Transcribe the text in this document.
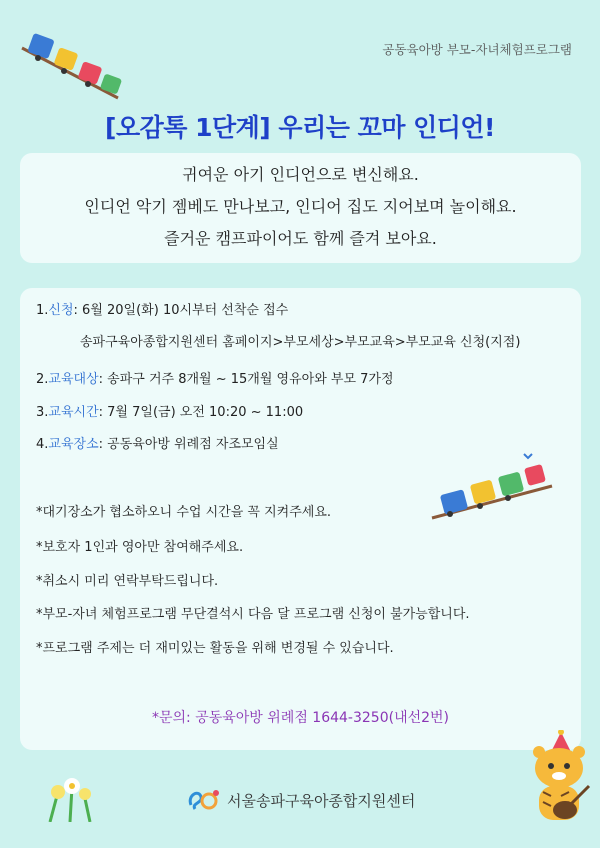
공동육아방 부모-자녀체험프로그램
[오감톡 1단계] 우리는 꼬마 인디언!

귀여운 아기 인디언으로 변신해요.

인디언 악기 젬베도 만나보고, 인디어 집도 지어보며 놀이해요.

즐거운 캠프파이어도 함께 즐겨 보아요.

1.신청: 6월 20일(화) 10시부터 선착순 접수
송파구육아종합지원센터 홈페이지>부모세상>부모교육>부모교육 신청(지점)
2.교육대상: 송파구 거주 8개월 ~ 15개월 영유아와 부모 7가정
3.교육시간: 7월 7일(금) 오전 10:20 ~ 11:00
4.교육장소: 공동육아방 위례점 자조모임실
*대기장소가 협소하오니 수업 시간을 꼭 지켜주세요.
*보호자 1인과 영아만 참여해주세요.
*취소시 미리 연락부탁드립니다.
*부모-자녀 체험프로그램 무단결석시 다음 달 프로그램 신청이 불가능합니다.
*프로그램 주제는 더 재미있는 활동을 위해 변경될 수 있습니다.
*문의: 공동육아방 위례점 1644-3250(내선2번)
서울송파구육아종합지원센터
